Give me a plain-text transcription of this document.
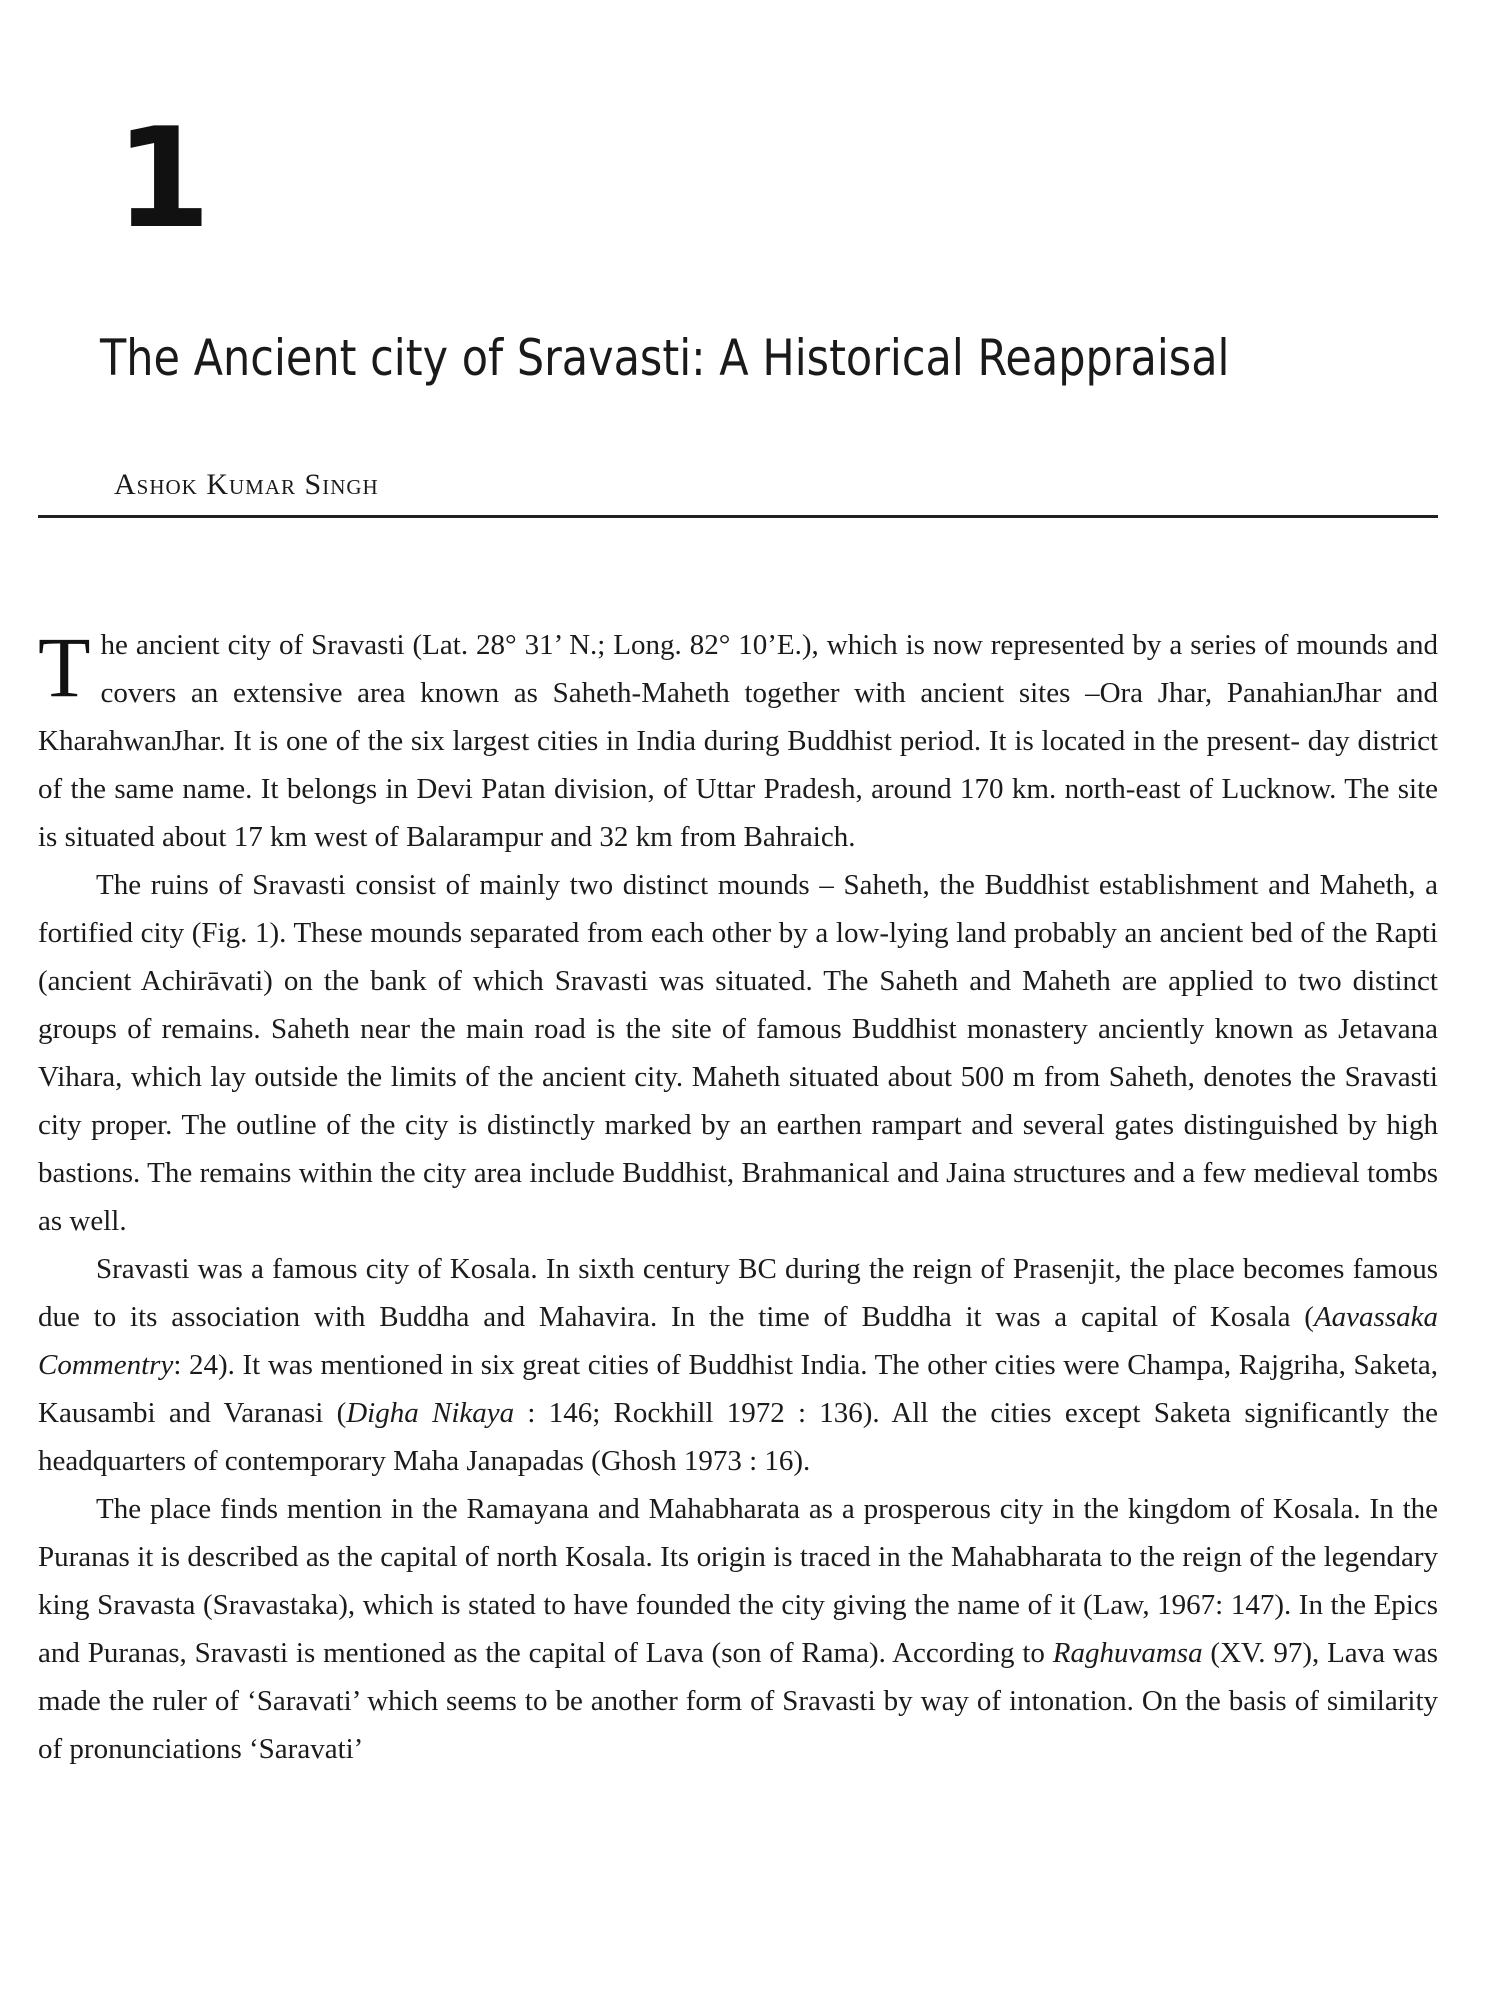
1
The Ancient city of Sravasti: A Historical Reappraisal
Ashok Kumar Singh

The ancient city of Sravasti (Lat. 28° 31’ N.; Long. 82° 10’E.), which is now represented by a series of mounds and covers an extensive area known as Saheth-Maheth together with ancient sites –Ora Jhar, PanahianJhar and KharahwanJhar. It is one of the six largest cities in India during Buddhist period. It is located in the present- day district of the same name. It belongs in Devi Patan division, of Uttar Pradesh, around 170 km. north-east of Lucknow. The site is situated about 17 km west of Balarampur and 32 km from Bahraich.

The ruins of Sravasti consist of mainly two distinct mounds – Saheth, the Buddhist establishment and Maheth, a fortified city (Fig. 1). These mounds separated from each other by a low-lying land probably an ancient bed of the Rapti (ancient Achirāvati) on the bank of which Sravasti was situated. The Saheth and Maheth are applied to two distinct groups of remains. Saheth near the main road is the site of famous Buddhist monastery anciently known as Jetavana Vihara, which lay outside the limits of the ancient city. Maheth situated about 500 m from Saheth, denotes the Sravasti city proper. The outline of the city is distinctly marked by an earthen rampart and several gates distinguished by high bastions. The remains within the city area include Buddhist, Brahmanical and Jaina structures and a few medieval tombs as well.

Sravasti was a famous city of Kosala. In sixth century BC during the reign of Prasenjit, the place becomes famous due to its association with Buddha and Mahavira. In the time of Buddha it was a capital of Kosala (Aavassaka Commentry: 24). It was mentioned in six great cities of Buddhist India. The other cities were Champa, Rajgriha, Saketa, Kausambi and Varanasi (Digha Nikaya : 146; Rockhill 1972 : 136). All the cities except Saketa significantly the headquarters of contemporary Maha Janapadas (Ghosh 1973 : 16).

The place finds mention in the Ramayana and Mahabharata as a prosperous city in the kingdom of Kosala. In the Puranas it is described as the capital of north Kosala. Its origin is traced in the Mahabharata to the reign of the legendary king Sravasta (Sravastaka), which is stated to have founded the city giving the name of it (Law, 1967: 147). In the Epics and Puranas, Sravasti is mentioned as the capital of Lava (son of Rama). According to Raghuvamsa (XV. 97), Lava was made the ruler of ‘Saravati’ which seems to be another form of Sravasti by way of intonation. On the basis of similarity of pronunciations ‘Saravati’
